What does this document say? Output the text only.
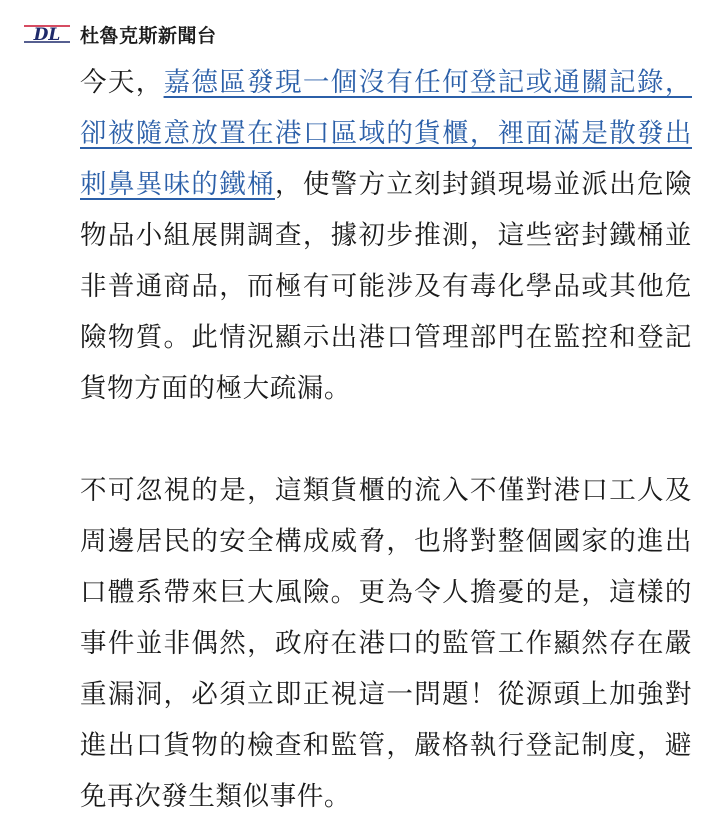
DL 杜魯克斯新聞台

今天，嘉德區發現一個沒有任何登記或通關記錄，卻被隨意放置在港口區域的貨櫃，裡面滿是散發出刺鼻異味的鐵桶，使警方立刻封鎖現場並派出危險物品小組展開調查，據初步推測，這些密封鐵桶並非普通商品，而極有可能涉及有毒化學品或其他危險物質。此情況顯示出港口管理部門在監控和登記貨物方面的極大疏漏。

不可忽視的是，這類貨櫃的流入不僅對港口工人及周邊居民的安全構成威脅，也將對整個國家的進出口體系帶來巨大風險。更為令人擔憂的是，這樣的事件並非偶然，政府在港口的監管工作顯然存在嚴重漏洞，必須立即正視這一問題！從源頭上加強對進出口貨物的檢查和監管，嚴格執行登記制度，避免再次發生類似事件。
